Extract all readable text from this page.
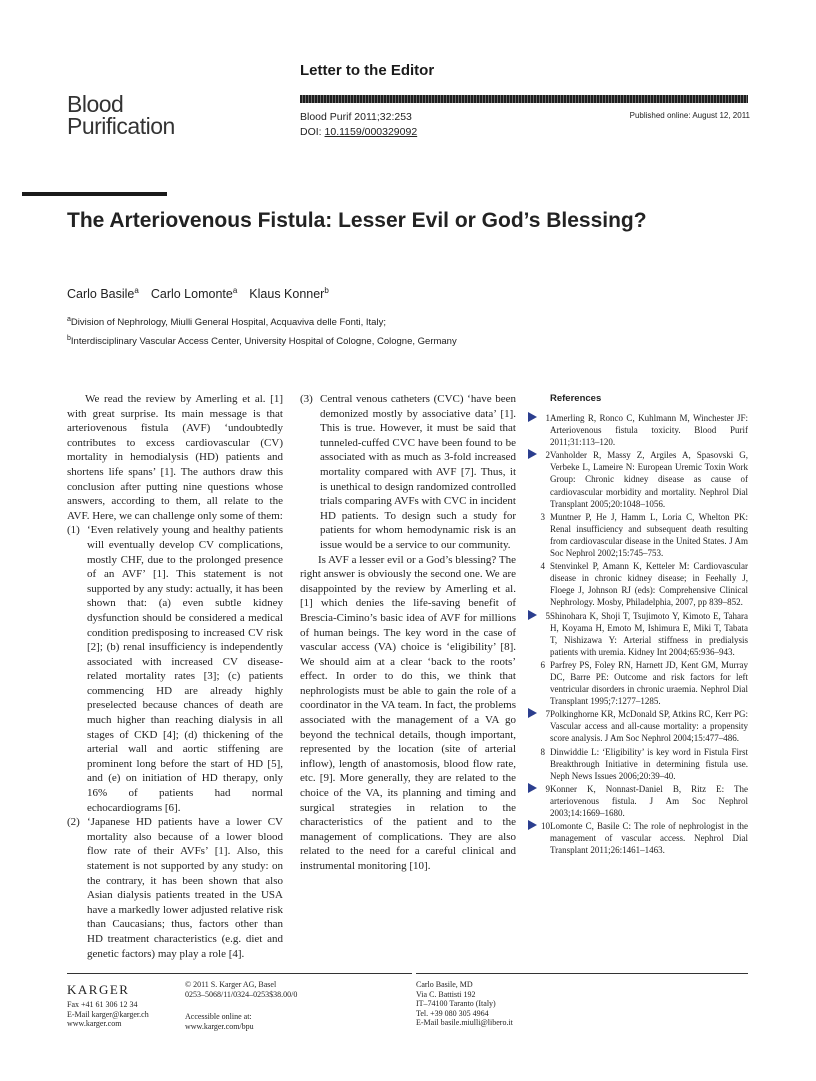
Letter to the Editor
Blood
Purification	Blood Purif 2011;32:253
DOI: 10.1159/000329092
Published online: August 12, 2011
The Arteriovenous Fistula: Lesser Evil or God’s Blessing?
Carlo Basile$^a$ Carlo Lomonte$^a$ Klaus Konner$^b$
$^a$Division of Nephrology, Miulli General Hospital, Acquaviva delle Fonti, Italy;
$^b$Interdisciplinary Vascular Access Center, University Hospital of Cologne, Cologne, Germany

We read the review by Amerling et al. [1] with great surprise. Its main message is that arteriovenous fistula (AVF) ‘undoubtedly contributes to excess cardiovascular (CV) mortality in hemodialysis (HD) patients and shortens life spans’ [1]. The authors draw this conclusion after putting nine questions whose answers, according to them, all relate to the AVF. Here, we can challenge only some of them:

(1) ‘Even relatively young and healthy patients will eventually develop CV complications, mostly CHF, due to the prolonged presence of an AVF’ [1]. This statement is not supported by any study: actually, it has been shown that: (a) even subtle kidney dysfunction should be considered a medical condition predisposing to increased CV risk [2]; (b) renal insufficiency is independently associated with increased CV disease-related mortality rates [3]; (c) patients commencing HD are already highly preselected because chances of death are much higher than reaching dialysis in all stages of CKD [4]; (d) thickening of the arterial wall and aortic stiffening are prominent long before the start of HD [5], and (e) on initiation of HD therapy, only 16% of patients had normal echocardiograms [6].
(2) ‘Japanese HD patients have a lower CV mortality also because of a lower blood flow rate of their AVFs’ [1]. Also, this statement is not supported by any study: on the contrary, it has been shown that also Asian dialysis patients treated in the USA have a markedly lower adjusted relative risk than Caucasians; thus, factors other than HD treatment characteristics (e.g. diet and genetic factors) may play a role [4].
(3) Central venous catheters (CVC) ‘have been demonized mostly by associative data’ [1]. This is true. However, it must be said that tunneled-cuffed CVC have been found to be associated with as much as 3-fold increased mortality compared with AVF [7]. Thus, it is unethical to design randomized controlled trials comparing AVFs with CVC in incident HD patients. To design such a study for patients for whom hemodynamic risk is an issue would be a service to our community.

Is AVF a lesser evil or a God’s blessing? The right answer is obviously the second one. We are disappointed by the review by Amerling et al. [1] which denies the life-saving benefit of Brescia-Cimino’s basic idea of AVF for millions of human beings. The key word in the case of vascular access (VA) choice is ‘eligibility’ [8]. We should aim at a clear ‘back to the roots’ effect. In order to do this, we think that nephrologists must be able to gain the role of a coordinator in the VA team. In fact, the problems associated with the management of a VA go beyond the technical details, though important, represented by the location (site of arterial inflow), length of anastomosis, blood flow rate, etc. [9]. More generally, they are related to the choice of the VA, its planning and timing and surgical strategies in relation to the characteristics of the patient and to the management of complications. They are also related to the need for a careful clinical and instrumental monitoring [10].

References
1 Amerling R, Ronco C, Kuhlmann M, Winchester JF: Arteriovenous fistula toxicity. Blood Purif 2011;31:113–120.
2 Vanholder R, Massy Z, Argiles A, Spasovski G, Verbeke L, Lameire N: European Uremic Toxin Work Group: Chronic kidney disease as cause of cardiovascular morbidity and mortality. Nephrol Dial Transplant 2005;20:1048–1056.
3 Muntner P, He J, Hamm L, Loria C, Whelton PK: Renal insufficiency and subsequent death resulting from cardiovascular disease in the United States. J Am Soc Nephrol 2002;15:745–753.
4 Stenvinkel P, Amann K, Ketteler M: Cardiovascular disease in chronic kidney disease; in Feehally J, Floege J, Johnson RJ (eds): Comprehensive Clinical Nephrology. Mosby, Philadelphia, 2007, pp 839–852.
5 Shinohara K, Shoji T, Tsujimoto Y, Kimoto E, Tahara H, Koyama H, Emoto M, Ishimura E, Miki T, Tabata T, Nishizawa Y: Arterial stiffness in predialysis patients with uremia. Kidney Int 2004;65:936–943.
6 Parfrey PS, Foley RN, Harnett JD, Kent GM, Murray DC, Barre PE: Outcome and risk factors for left ventricular disorders in chronic uraemia. Nephrol Dial Transplant 1995;7:1277–1285.
7 Polkinghorne KR, McDonald SP, Atkins RC, Kerr PG: Vascular access and all-cause mortality: a propensity score analysis. J Am Soc Nephrol 2004;15:477–486.
8 Dinwiddie L: ‘Eligibility’ is key word in Fistula First Breakthrough Initiative in determining fistula use. Neph News Issues 2006;20:39–40.
9 Konner K, Nonnast-Daniel B, Ritz E: The arteriovenous fistula. J Am Soc Nephrol 2003;14:1669–1680.
10 Lomonte C, Basile C: The role of nephrologist in the management of vascular access. Nephrol Dial Transplant 2011;26:1461–1463.
KARGER
Fax +41 61 306 12 34
E-Mail karger@karger.ch
www.karger.com
© 2011 S. Karger AG, Basel
0253–5068/11/0324–0253$38.00/0
Accessible online at:
www.karger.com/bpu
Carlo Basile, MD
Via C. Battisti 192
IT–74100 Taranto (Italy)
Tel. +39 080 305 4964
E-Mail basile.miulli@libero.it
